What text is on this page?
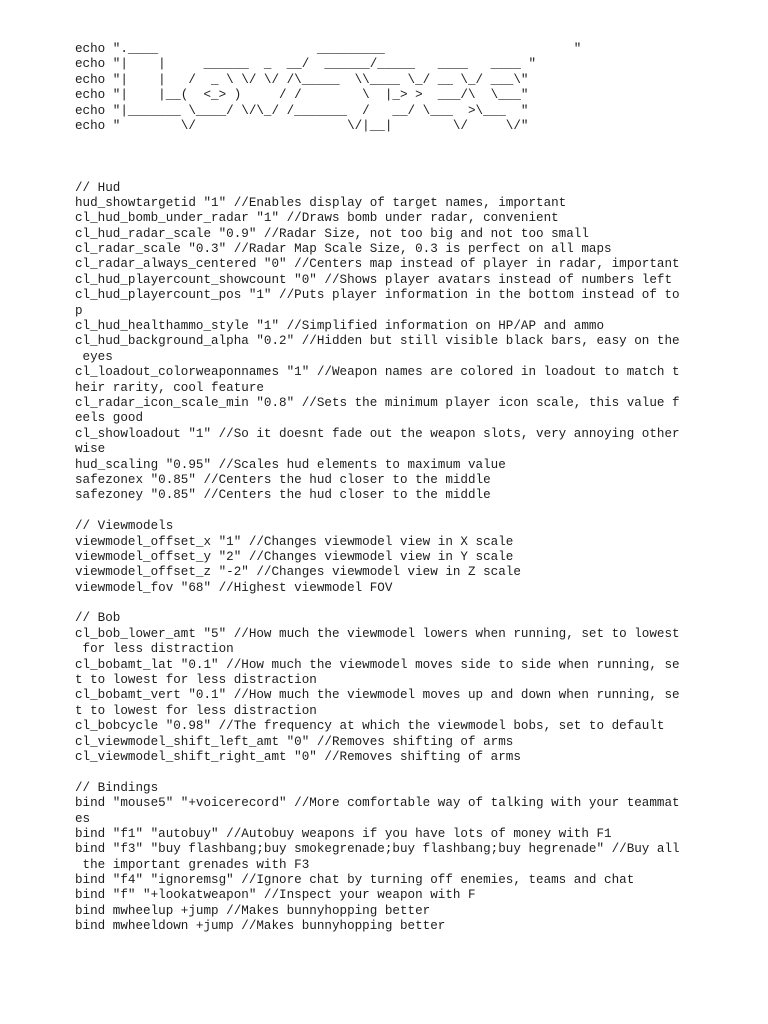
echo ".____                     _________                         "
echo "|    |     ______  _  __/  ______/_____   ____   ____ "
echo "|    |   /  _ \ \/ \/ /\_____  \\____ \_/ __ \_/ ___\"
echo "|    |__(  <_> )     / /        \  |_> >  ___/\  \___"
echo "|_______ \____/ \/\_/ /_______  /   __/ \___  >\___  "
echo "        \/                    \/|__|        \/     \/"
// Hud
hud_showtargetid "1" //Enables display of target names, important
cl_hud_bomb_under_radar "1" //Draws bomb under radar, convenient
cl_hud_radar_scale "0.9" //Radar Size, not too big and not too small
cl_radar_scale "0.3" //Radar Map Scale Size, 0.3 is perfect on all maps
cl_radar_always_centered "0" //Centers map instead of player in radar, important
cl_hud_playercount_showcount "0" //Shows player avatars instead of numbers left
cl_hud_playercount_pos "1" //Puts player information in the bottom instead of to
p
cl_hud_healthammo_style "1" //Simplified information on HP/AP and ammo
cl_hud_background_alpha "0.2" //Hidden but still visible black bars, easy on the
eyes
cl_loadout_colorweaponnames "1" //Weapon names are colored in loadout to match t
heir rarity, cool feature
cl_radar_icon_scale_min "0.8" //Sets the minimum player icon scale, this value f
eels good
cl_showloadout "1" //So it doesnt fade out the weapon slots, very annoying other
wise
hud_scaling "0.95" //Scales hud elements to maximum value
safezonex "0.85" //Centers the hud closer to the middle
safezoney "0.85" //Centers the hud closer to the middle
// Viewmodels
viewmodel_offset_x "1" //Changes viewmodel view in X scale
viewmodel_offset_y "2" //Changes viewmodel view in Y scale
viewmodel_offset_z "-2" //Changes viewmodel view in Z scale
viewmodel_fov "68" //Highest viewmodel FOV
// Bob
cl_bob_lower_amt "5" //How much the viewmodel lowers when running, set to lowest
for less distraction
cl_bobamt_lat "0.1" //How much the viewmodel moves side to side when running, se
t to lowest for less distraction
cl_bobamt_vert "0.1" //How much the viewmodel moves up and down when running, se
t to lowest for less distraction
cl_bobcycle "0.98" //The frequency at which the viewmodel bobs, set to default
cl_viewmodel_shift_left_amt "0" //Removes shifting of arms
cl_viewmodel_shift_right_amt "0" //Removes shifting of arms
// Bindings
bind "mouse5" "+voicerecord" //More comfortable way of talking with your teammat
es
bind "f1" "autobuy" //Autobuy weapons if you have lots of money with F1
bind "f3" "buy flashbang;buy smokegrenade;buy flashbang;buy hegrenade" //Buy all
the important grenades with F3
bind "f4" "ignoremsg" //Ignore chat by turning off enemies, teams and chat
bind "f" "+lookatweapon" //Inspect your weapon with F
bind mwheelup +jump //Makes bunnyhopping better
bind mwheeldown +jump //Makes bunnyhopping better
